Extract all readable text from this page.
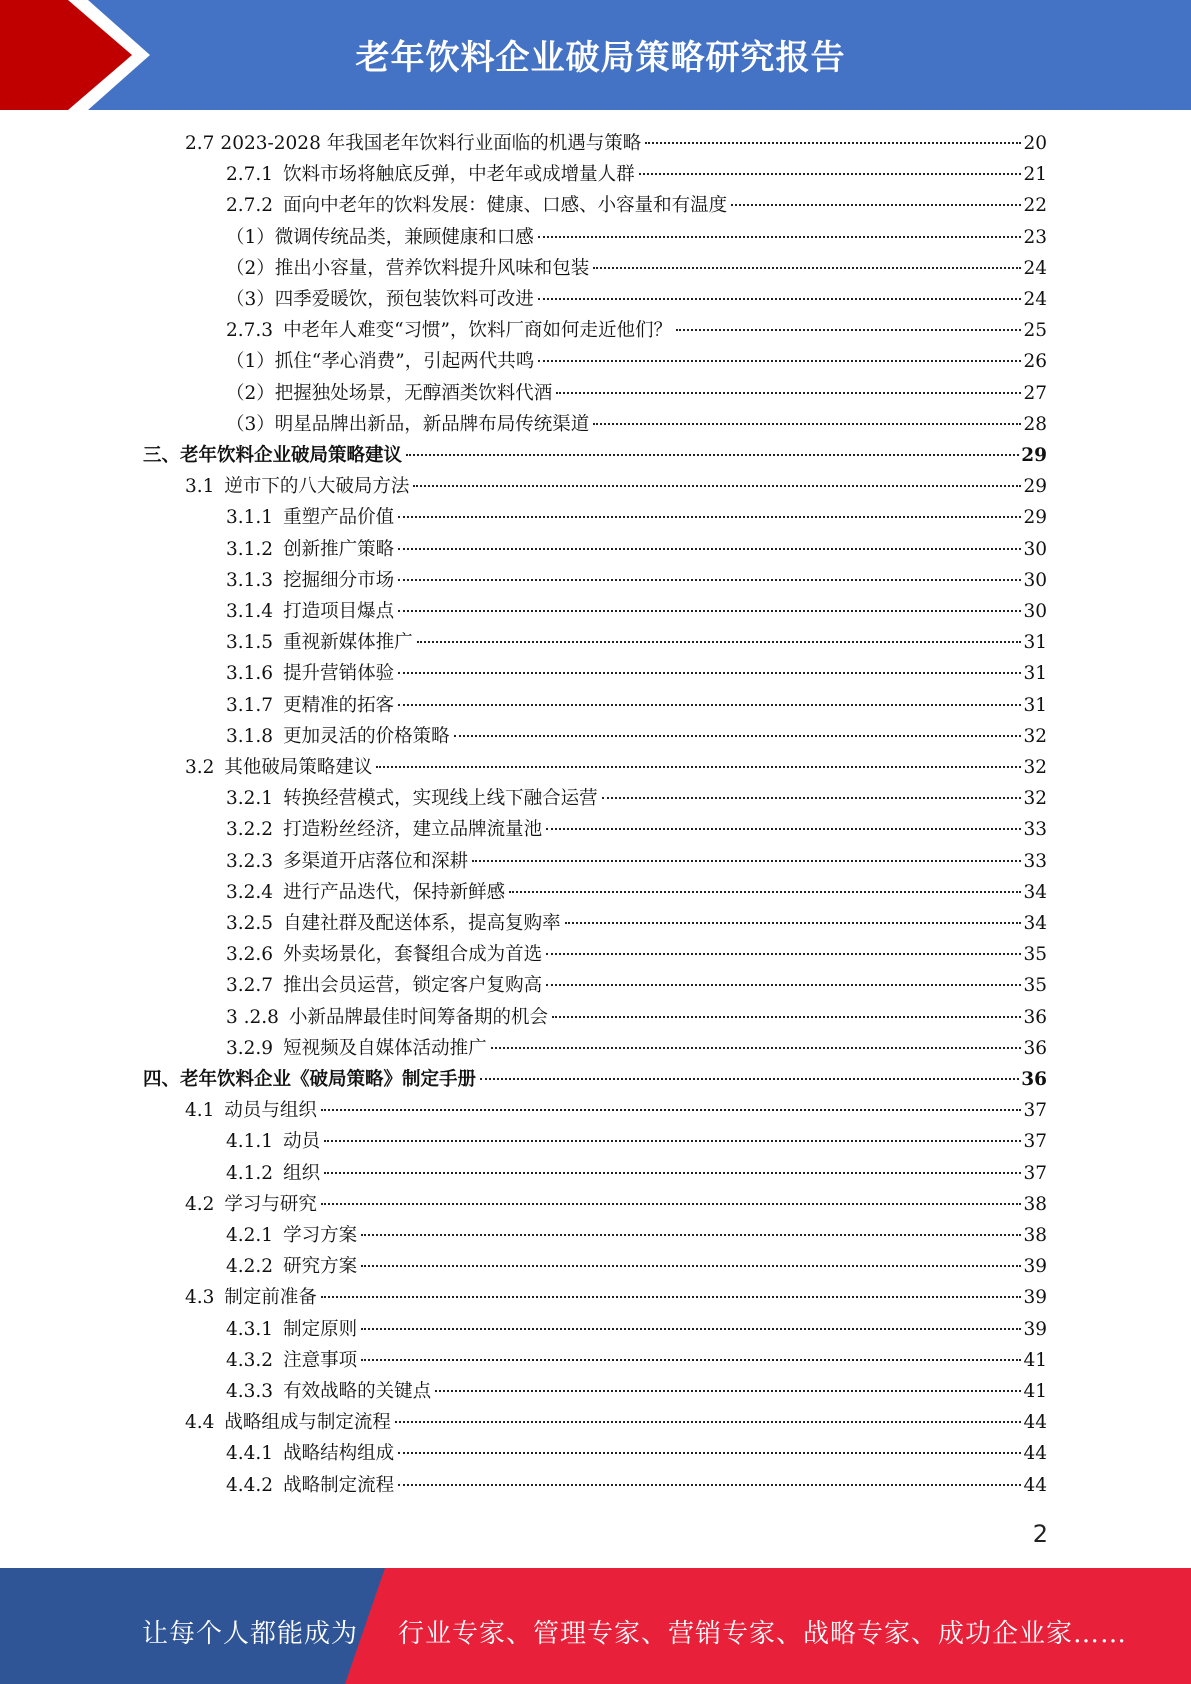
老年饮料企业破局策略研究报告
2.7 2023-2028 年我国老年饮料行业面临的机遇与策略	20
2.7.1 饮料市场将触底反弹，中老年或成增量人群	21
2.7.2 面向中老年的饮料发展：健康、口感、小容量和有温度	22
（1）微调传统品类，兼顾健康和口感	23
（2）推出小容量，营养饮料提升风味和包装	24
（3）四季爱暖饮，预包装饮料可改进	24
2.7.3 中老年人难变“习惯”，饮料厂商如何走近他们？	25
（1）抓住“孝心消费”，引起两代共鸣	26
（2）把握独处场景，无醇酒类饮料代酒	27
（3）明星品牌出新品，新品牌布局传统渠道	28
三、老年饮料企业破局策略建议	29
3.1 逆市下的八大破局方法	29
3.1.1 重塑产品价值	29
3.1.2 创新推广策略	30
3.1.3 挖掘细分市场	30
3.1.4 打造项目爆点	30
3.1.5 重视新媒体推广	31
3.1.6 提升营销体验	31
3.1.7 更精准的拓客	31
3.1.8 更加灵活的价格策略	32
3.2 其他破局策略建议	32
3.2.1 转换经营模式，实现线上线下融合运营	32
3.2.2 打造粉丝经济，建立品牌流量池	33
3.2.3 多渠道开店落位和深耕	33
3.2.4 进行产品迭代，保持新鲜感	34
3.2.5 自建社群及配送体系，提高复购率	34
3.2.6 外卖场景化，套餐组合成为首选	35
3.2.7 推出会员运营，锁定客户复购高	35
3 .2.8 小新品牌最佳时间筹备期的机会	36
3.2.9 短视频及自媒体活动推广	36
四、老年饮料企业《破局策略》制定手册	36
4.1 动员与组织	37
4.1.1 动员	37
4.1.2 组织	37
4.2 学习与研究	38
4.2.1 学习方案	38
4.2.2 研究方案	39
4.3 制定前准备	39
4.3.1 制定原则	39
4.3.2 注意事项	41
4.3.3 有效战略的关键点	41
4.4 战略组成与制定流程	44
4.4.1 战略结构组成	44
4.4.2 战略制定流程	44
2
让每个人都能成为 行业专家、管理专家、营销专家、战略专家、成功企业家……
